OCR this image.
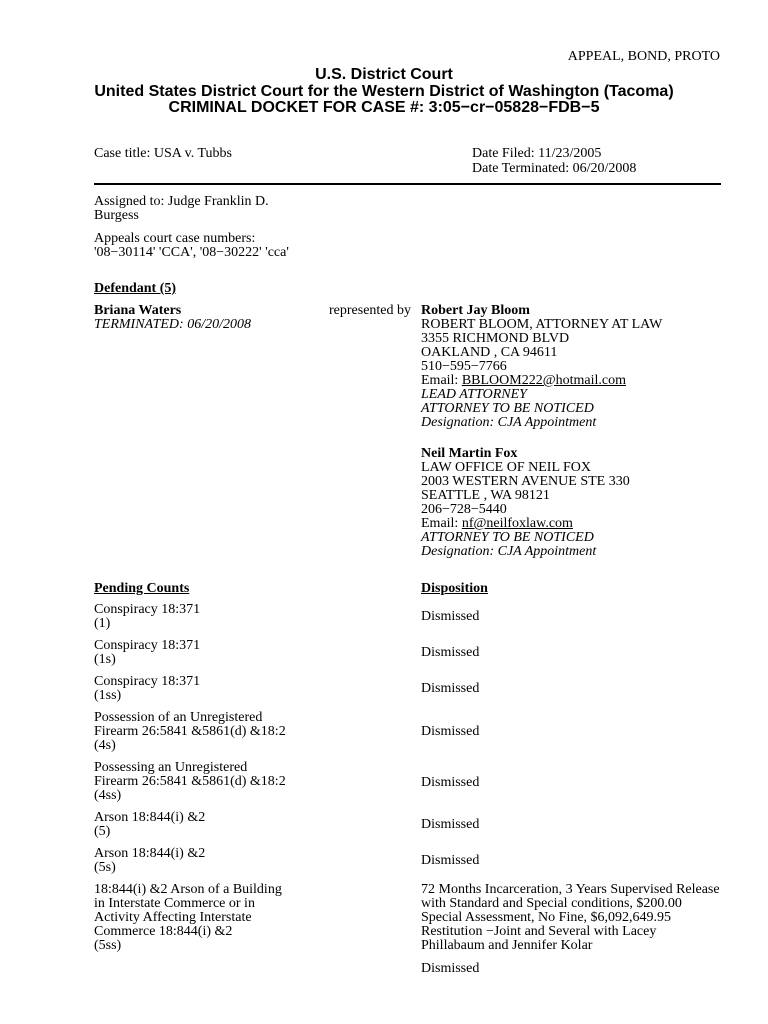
APPEAL, BOND, PROTO
U.S. District Court
United States District Court for the Western District of Washington (Tacoma)
CRIMINAL DOCKET FOR CASE #: 3:05−cr−05828−FDB−5
Case title: USA v. Tubbs	Date Filed: 11/23/2005
Date Terminated: 06/20/2008
Assigned to: Judge Franklin D.
Burgess
Appeals court case numbers:
'08−30114' 'CCA', '08−30222' 'cca'
Defendant (5)
Briana Waters
TERMINATED: 06/20/2008
represented by Robert Jay Bloom
ROBERT BLOOM, ATTORNEY AT LAW
3355 RICHMOND BLVD
OAKLAND , CA 94611
510−595−7766
Email: BBLOOM222@hotmail.com
LEAD ATTORNEY
ATTORNEY TO BE NOTICED
Designation: CJA Appointment
Neil Martin Fox
LAW OFFICE OF NEIL FOX
2003 WESTERN AVENUE STE 330
SEATTLE , WA 98121
206−728−5440
Email: nf@neilfoxlaw.com
ATTORNEY TO BE NOTICED
Designation: CJA Appointment
Pending Counts	Disposition
Conspiracy 18:371
(1)	Dismissed
Conspiracy 18:371
(1s)	Dismissed
Conspiracy 18:371
(1ss)	Dismissed
Possession of an Unregistered
Firearm 26:5841 &5861(d) &18:2
(4s)
Dismissed
Possessing an Unregistered
Firearm 26:5841 &5861(d) &18:2
(4ss)
Dismissed
Arson 18:844(i) &2
(5)	Dismissed
Arson 18:844(i) &2
(5s)	Dismissed
18:844(i) &2 Arson of a Building
in Interstate Commerce or in
Activity Affecting Interstate
Commerce 18:844(i) &2
(5ss)
72 Months Incarceration, 3 Years Supervised Release
with Standard and Special conditions, $200.00
Special Assessment, No Fine, $6,092,649.95
Restitution −Joint and Several with Lacey
Phillabaum and Jennifer Kolar
Dismissed
